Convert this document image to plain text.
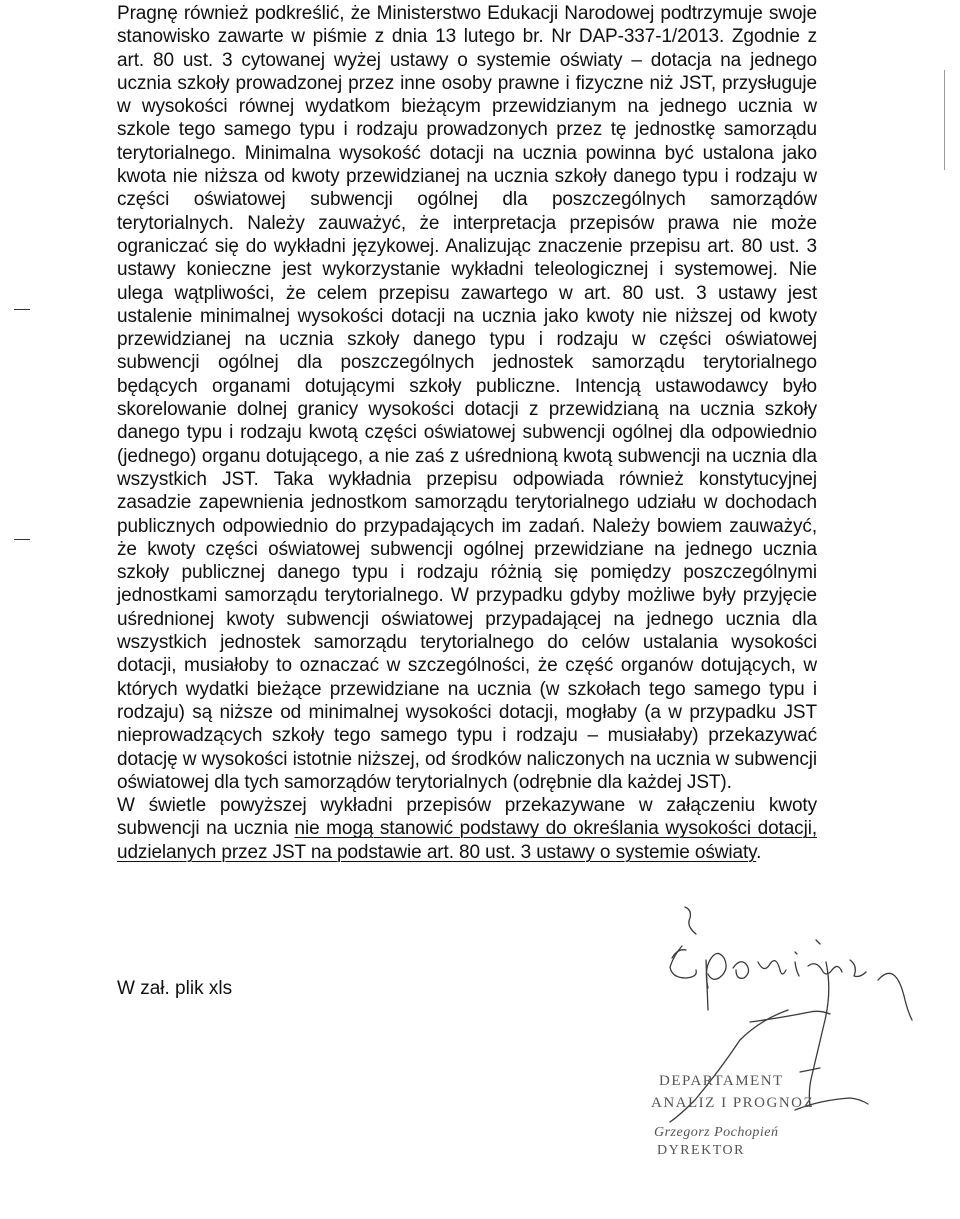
Pragnę również podkreślić, że Ministerstwo Edukacji Narodowej podtrzymuje swoje stanowisko zawarte w piśmie z dnia 13 lutego br. Nr DAP-337-1/2013. Zgodnie z art. 80 ust. 3 cytowanej wyżej ustawy o systemie oświaty – dotacja na jednego ucznia szkoły prowadzonej przez inne osoby prawne i fizyczne niż JST, przysługuje w wysokości równej wydatkom bieżącym przewidzianym na jednego ucznia w szkole tego samego typu i rodzaju prowadzonych przez tę jednostkę samorządu terytorialnego. Minimalna wysokość dotacji na ucznia powinna być ustalona jako kwota nie niższa od kwoty przewidzianej na ucznia szkoły danego typu i rodzaju w części oświatowej subwencji ogólnej dla poszczególnych samorządów terytorialnych. Należy zauważyć, że interpretacja przepisów prawa nie może ograniczać się do wykładni językowej. Analizując znaczenie przepisu art. 80 ust. 3 ustawy konieczne jest wykorzystanie wykładni teleologicznej i systemowej. Nie ulega wątpliwości, że celem przepisu zawartego w art. 80 ust. 3 ustawy jest ustalenie minimalnej wysokości dotacji na ucznia jako kwoty nie niższej od kwoty przewidzianej na ucznia szkoły danego typu i rodzaju w części oświatowej subwencji ogólnej dla poszczególnych jednostek samorządu terytorialnego będących organami dotującymi szkoły publiczne. Intencją ustawodawcy było skorelowanie dolnej granicy wysokości dotacji z przewidzianą na ucznia szkoły danego typu i rodzaju kwotą części oświatowej subwencji ogólnej dla odpowiednio (jednego) organu dotującego, a nie zaś z uśrednioną kwotą subwencji na ucznia dla wszystkich JST. Taka wykładnia przepisu odpowiada również konstytucyjnej zasadzie zapewnienia jednostkom samorządu terytorialnego udziału w dochodach publicznych odpowiednio do przypadających im zadań. Należy bowiem zauważyć, że kwoty części oświatowej subwencji ogólnej przewidziane na jednego ucznia szkoły publicznej danego typu i rodzaju różnią się pomiędzy poszczególnymi jednostkami samorządu terytorialnego. W przypadku gdyby możliwe były przyjęcie uśrednionej kwoty subwencji oświatowej przypadającej na jednego ucznia dla wszystkich jednostek samorządu terytorialnego do celów ustalania wysokości dotacji, musiałoby to oznaczać w szczególności, że część organów dotujących, w których wydatki bieżące przewidziane na ucznia (w szkołach tego samego typu i rodzaju) są niższe od minimalnej wysokości dotacji, mogłaby (a w przypadku JST nieprowadzących szkoły tego samego typu i rodzaju – musiałaby) przekazywać dotację w wysokości istotnie niższej, od środków naliczonych na ucznia w subwencji oświatowej dla tych samorządów terytorialnych (odrębnie dla każdej JST).

W świetle powyższej wykładni przepisów przekazywane w załączeniu kwoty subwencji na ucznia nie mogą stanowić podstawy do określania wysokości dotacji, udzielanych przez JST na podstawie art. 80 ust. 3 ustawy o systemie oświaty.

W zał. plik xls
DEPARTAMENT
ANALIZ I PROGNOZ
Grzegorz Pochopień
DYREKTOR
